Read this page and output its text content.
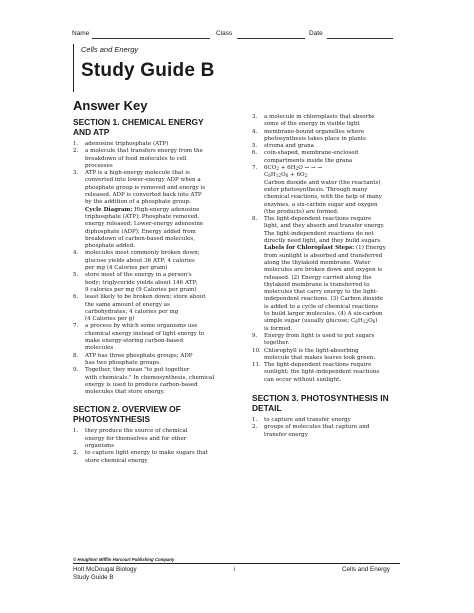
Name	Class	Date
Cells and Energy
Study Guide B
Answer Key
SECTION 1. CHEMICAL ENERGY
AND ATP
1. adenosine triphosphate (ATP)
2. a molecule that transfers energy from the
breakdown of food molecules to cell
processes
3. ATP is a high-energy molecule that is
converted into lower-energy ADP when a
phosphate group is removed and energy is
released. ADP is converted back into ATP
by the addition of a phosphate group.
Cycle Diagram: High-energy adenosine
triphosphate (ATP); Phosphate removed,
energy released; Lower-energy adenosine
diphosphate (ADP); Energy added from
breakdown of carbon-based molecules,
phosphate added.
4. molecules most commonly broken down;
glucose yields about 36 ATP; 4 calories
per mg (4 Calories per gram)
5. store most of the energy in a person's
body; triglyceride yields about 146 ATP;
9 calories per mg (9 Calories per gram)
6. least likely to be broken down; store about
the same amount of energy as
carbohydrates; 4 calories per mg
(4 Calories per g)
7. a process by which some organisms use
chemical energy instead of light energy to
make energy-storing carbon-based
molecules
8. ATP has three phosphate groups; ADP
has two phosphate groups.
9. Together, they mean "to put together
with chemicals." In chemosynthesis, chemical
energy is used to produce carbon-based
molecules that store energy.
SECTION 2. OVERVIEW OF
PHOTOSYNTHESIS
1. they produce the source of chemical
energy for themselves and for other
organisms
2. to capture light energy to make sugars that
store chemical energy
3. a molecule in chloroplasts that absorbs
some of the energy in visible light
4. membrane-bound organelles where
photosynthesis takes place in plants
5. stroma and grana
6. coin-shaped, membrane-enclosed
compartments inside the grana
7. $6CO_2 + 6H_2O$ → → →
$C_6H_{12}O_6 + 6O_2$
Carbon dioxide and water (the reactants)
enter photosynthesis. Through many
chemical reactions, with the help of many
enzymes, a six-carbon sugar and oxygen
(the products) are formed.
8. The light-dependent reactions require
light, and they absorb and transfer energy.
The light-independent reactions do not
directly need light, and they build sugars.
Labels for Chloroplast Steps: (1) Energy
from sunlight is absorbed and transferred
along the thylakoid membrane. Water
molecules are broken down and oxygen is
released. (2) Energy carried along the
thylakoid membrane is transferred to
molecules that carry energy to the light-
independent reactions. (3) Carbon dioxide
is added to a cycle of chemical reactions
to build larger molecules. (4) A six-carbon
simple sugar (usually glucose; $C_6H_{12}O_6$)
is formed.
9. Energy from light is used to put sugars
together.
10. Chlorophyll is the light-absorbing
molecule that makes leaves look green.
11. The light-dependent reactions require
sunlight; the light-independent reactions
can occur without sunlight.
SECTION 3. PHOTOSYNTHESIS IN
DETAIL
1. to capture and transfer energy
2. groups of molecules that capture and
transfer energy
© Houghton Mifflin Harcourt Publishing Company
Holt McDougal Biology
Study Guide B
i	Cells and Energy
